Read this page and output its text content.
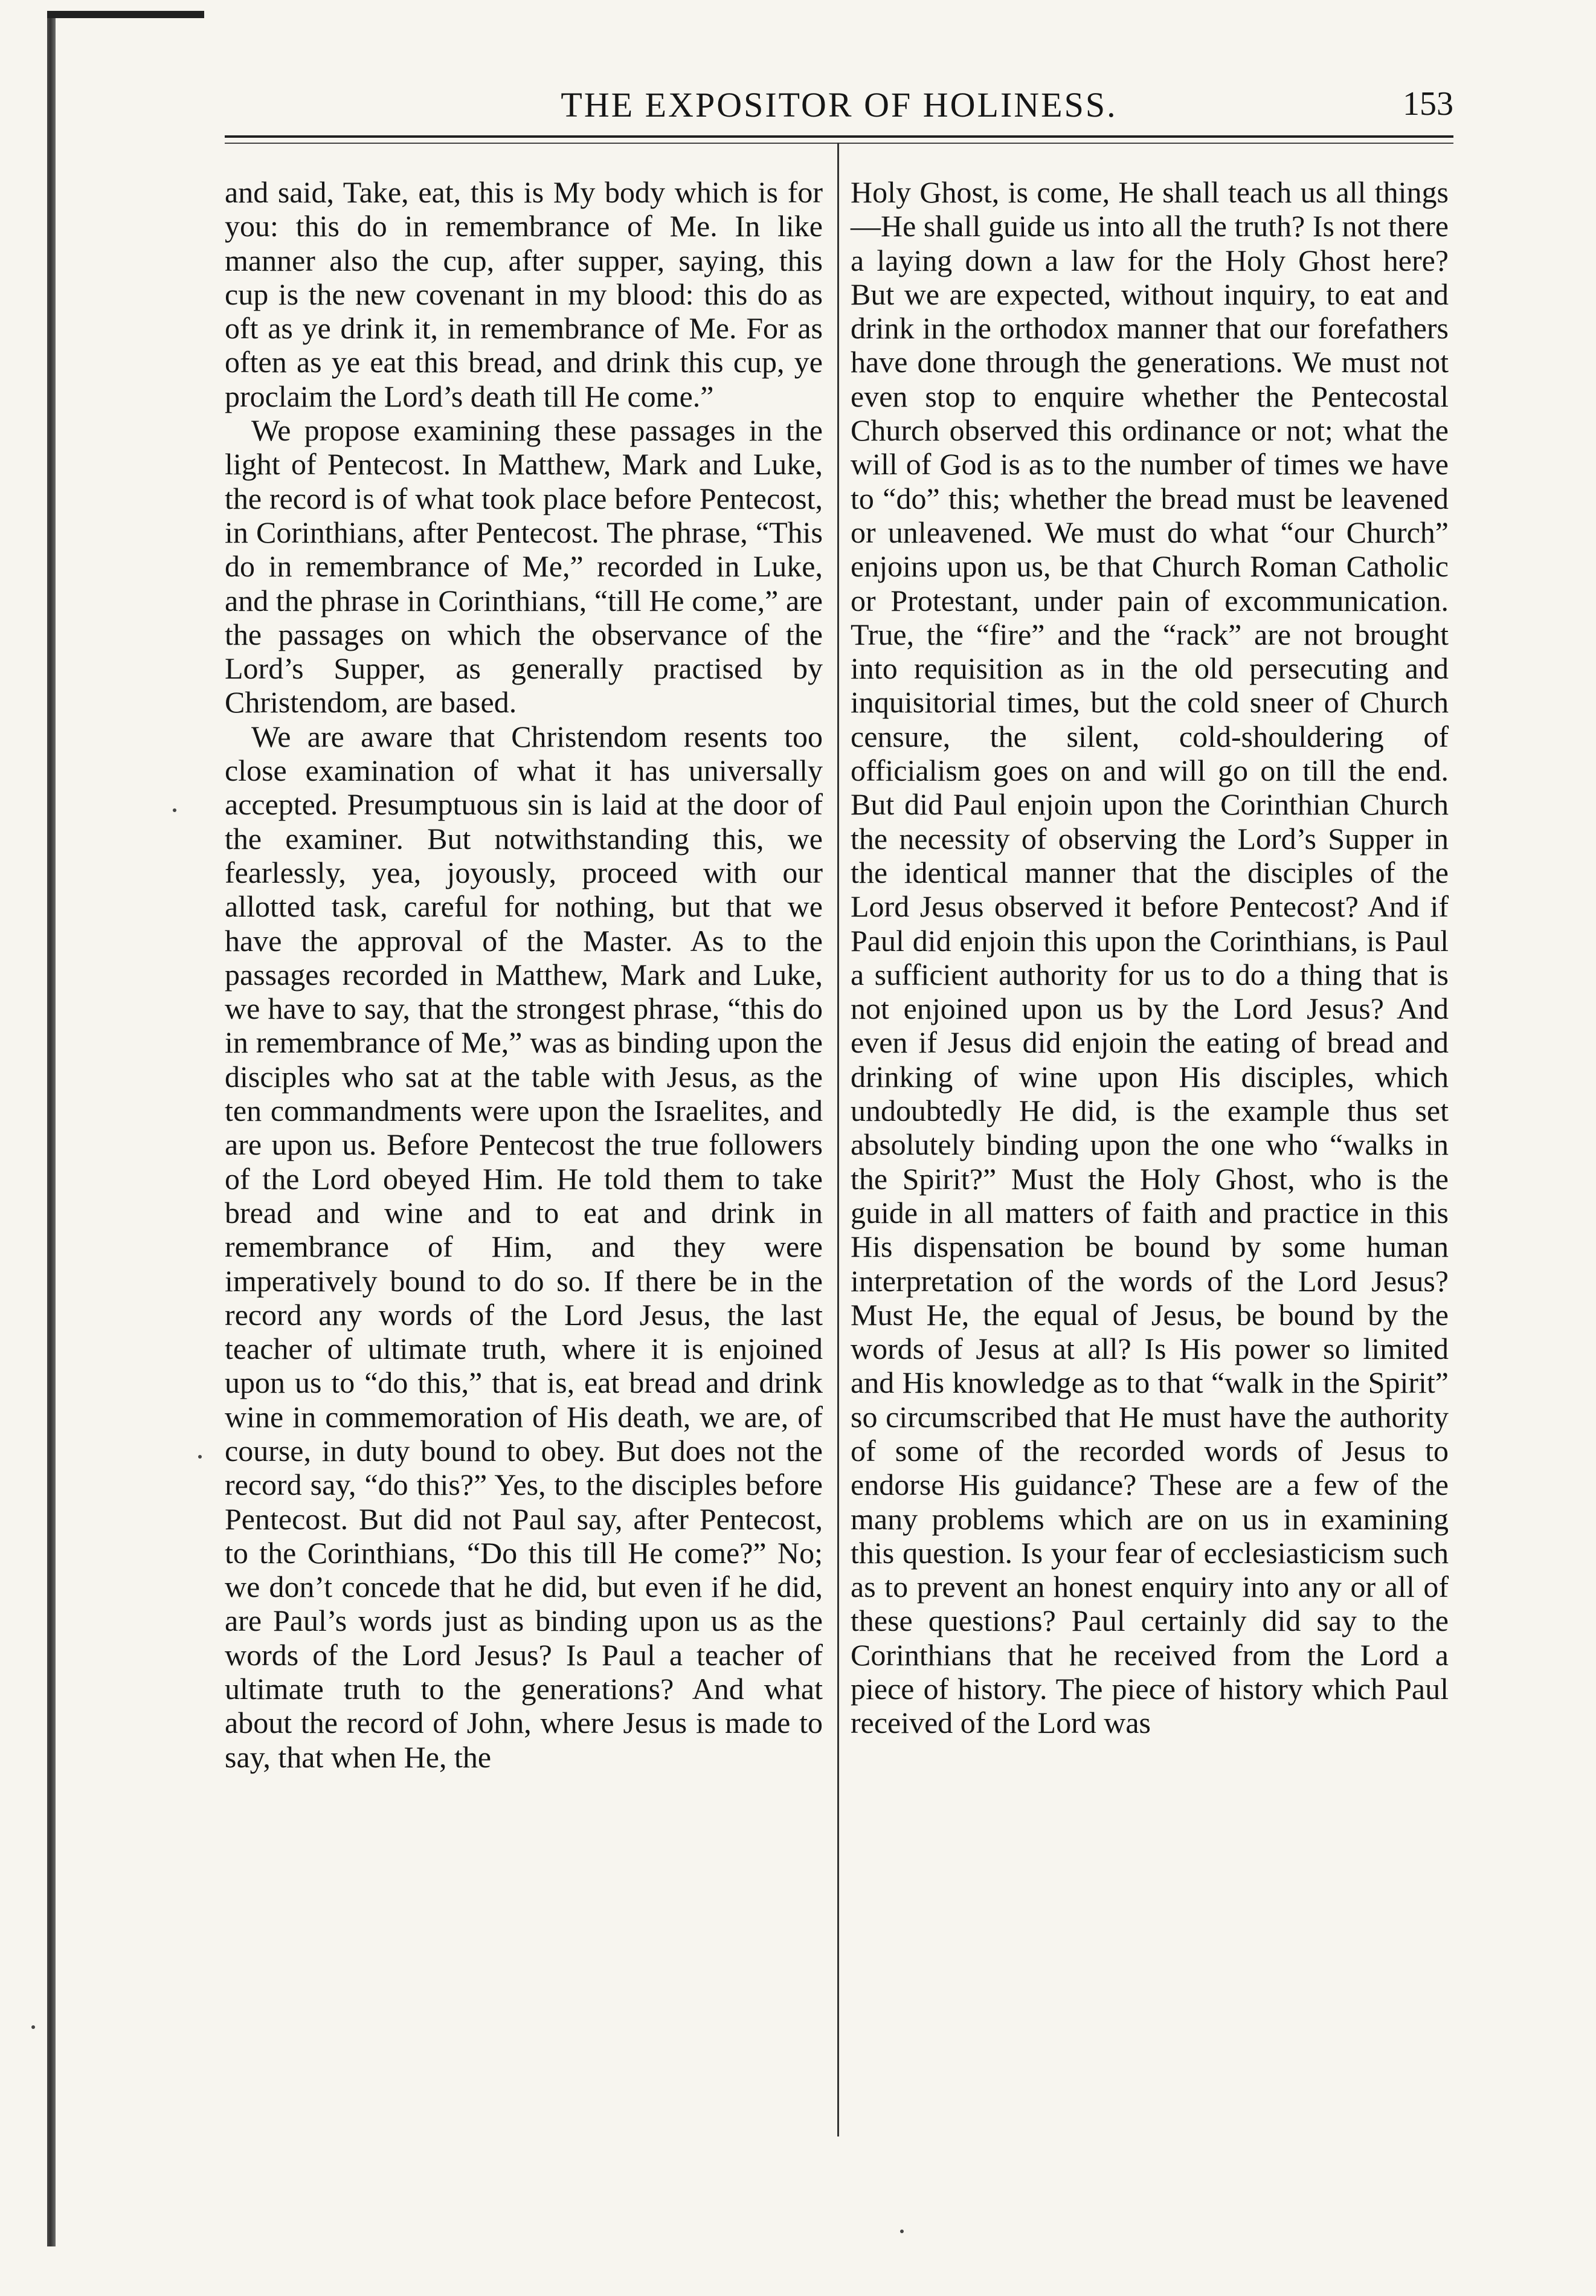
THE EXPOSITOR OF HOLINESS.	153

and said, Take, eat, this is My body which is for you: this do in remembrance of Me. In like manner also the cup, after supper, saying, this cup is the new covenant in my blood: this do as oft as ye drink it, in remembrance of Me. For as often as ye eat this bread, and drink this cup, ye proclaim the Lord’s death till He come.”

We propose examining these passages in the light of Pentecost. In Matthew, Mark and Luke, the record is of what took place before Pentecost, in Corinthians, after Pentecost. The phrase, “This do in remembrance of Me,” recorded in Luke, and the phrase in Corinthians, “till He come,” are the passages on which the observance of the Lord’s Supper, as generally practised by Christendom, are based.

We are aware that Christendom resents too close examination of what it has universally accepted. Presumptuous sin is laid at the door of the examiner. But notwithstanding this, we fearlessly, yea, joyously, proceed with our allotted task, careful for nothing, but that we have the approval of the Master. As to the passages recorded in Matthew, Mark and Luke, we have to say, that the strongest phrase, “this do in remembrance of Me,” was as binding upon the disciples who sat at the table with Jesus, as the ten commandments were upon the Israelites, and are upon us. Before Pentecost the true followers of the Lord obeyed Him. He told them to take bread and wine and to eat and drink in remembrance of Him, and they were imperatively bound to do so. If there be in the record any words of the Lord Jesus, the last teacher of ultimate truth, where it is enjoined upon us to “do this,” that is, eat bread and drink wine in commemoration of His death, we are, of course, in duty bound to obey. But does not the record say, “do this?” Yes, to the disciples before Pentecost. But did not Paul say, after Pentecost, to the Corinthians, “Do this till He come?” No; we don’t concede that he did, but even if he did, are Paul’s words just as binding upon us as the words of the Lord Jesus? Is Paul a teacher of ultimate truth to the generations? And what about the record of John, where Jesus is made to say, that when He, the

Holy Ghost, is come, He shall teach us all things—He shall guide us into all the truth? Is not there a laying down a law for the Holy Ghost here? But we are expected, without inquiry, to eat and drink in the orthodox manner that our forefathers have done through the generations. We must not even stop to enquire whether the Pentecostal Church observed this ordinance or not; what the will of God is as to the number of times we have to “do” this; whether the bread must be leavened or unleavened. We must do what “our Church” enjoins upon us, be that Church Roman Catholic or Protestant, under pain of excommunication. True, the “fire” and the “rack” are not brought into requisition as in the old persecuting and inquisitorial times, but the cold sneer of Church censure, the silent, cold-shouldering of officialism goes on and will go on till the end. But did Paul enjoin upon the Corinthian Church the necessity of observing the Lord’s Supper in the identical manner that the disciples of the Lord Jesus observed it before Pentecost? And if Paul did enjoin this upon the Corinthians, is Paul a sufficient authority for us to do a thing that is not enjoined upon us by the Lord Jesus? And even if Jesus did enjoin the eating of bread and drinking of wine upon His disciples, which undoubtedly He did, is the example thus set absolutely binding upon the one who “walks in the Spirit?” Must the Holy Ghost, who is the guide in all matters of faith and practice in this His dispensation be bound by some human interpretation of the words of the Lord Jesus? Must He, the equal of Jesus, be bound by the words of Jesus at all? Is His power so limited and His knowledge as to that “walk in the Spirit” so circumscribed that He must have the authority of some of the recorded words of Jesus to endorse His guidance? These are a few of the many problems which are on us in examining this question. Is your fear of ecclesiasticism such as to prevent an honest enquiry into any or all of these questions? Paul certainly did say to the Corinthians that he received from the Lord a piece of history. The piece of history which Paul received of the Lord was
